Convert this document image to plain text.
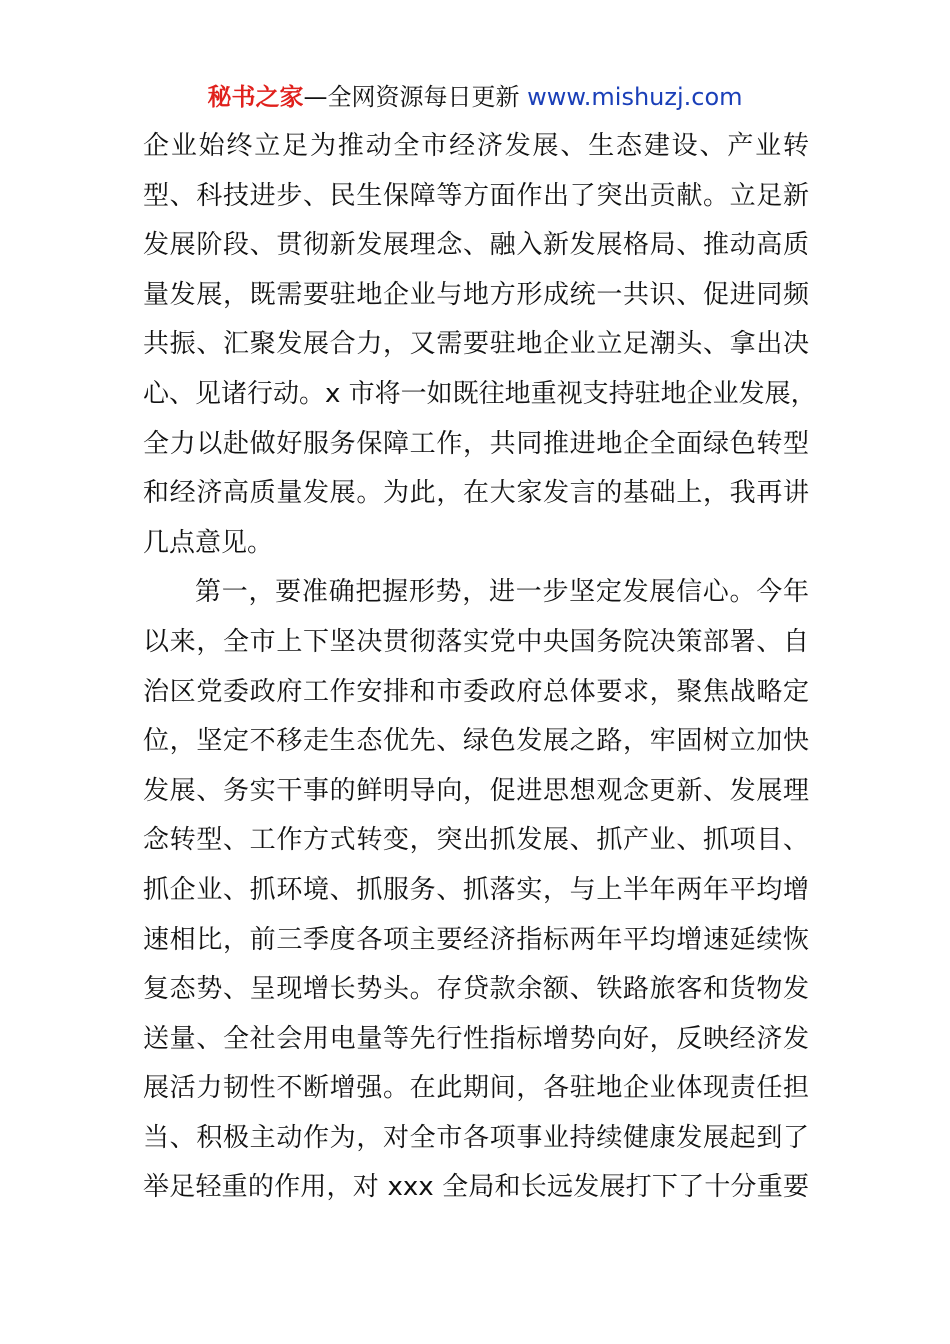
秘书之家—全网资源每日更新 www.mishuzj.com
企业始终立足为推动全市经济发展、生态建设、产业转
型、科技进步、民生保障等方面作出了突出贡献。立足新
发展阶段、贯彻新发展理念、融入新发展格局、推动高质
量发展，既需要驻地企业与地方形成统一共识、促进同频
共振、汇聚发展合力，又需要驻地企业立足潮头、拿出决
心、见诸行动。x 市将一如既往地重视支持驻地企业发展，
全力以赴做好服务保障工作，共同推进地企全面绿色转型
和经济高质量发展。为此，在大家发言的基础上，我再讲
几点意见。
第一，要准确把握形势，进一步坚定发展信心。今年
以来，全市上下坚决贯彻落实党中央国务院决策部署、自
治区党委政府工作安排和市委政府总体要求，聚焦战略定
位，坚定不移走生态优先、绿色发展之路，牢固树立加快
发展、务实干事的鲜明导向，促进思想观念更新、发展理
念转型、工作方式转变，突出抓发展、抓产业、抓项目、
抓企业、抓环境、抓服务、抓落实，与上半年两年平均增
速相比，前三季度各项主要经济指标两年平均增速延续恢
复态势、呈现增长势头。存贷款余额、铁路旅客和货物发
送量、全社会用电量等先行性指标增势向好，反映经济发
展活力韧性不断增强。在此期间，各驻地企业体现责任担
当、积极主动作为，对全市各项事业持续健康发展起到了
举足轻重的作用，对 xxx 全局和长远发展打下了十分重要
